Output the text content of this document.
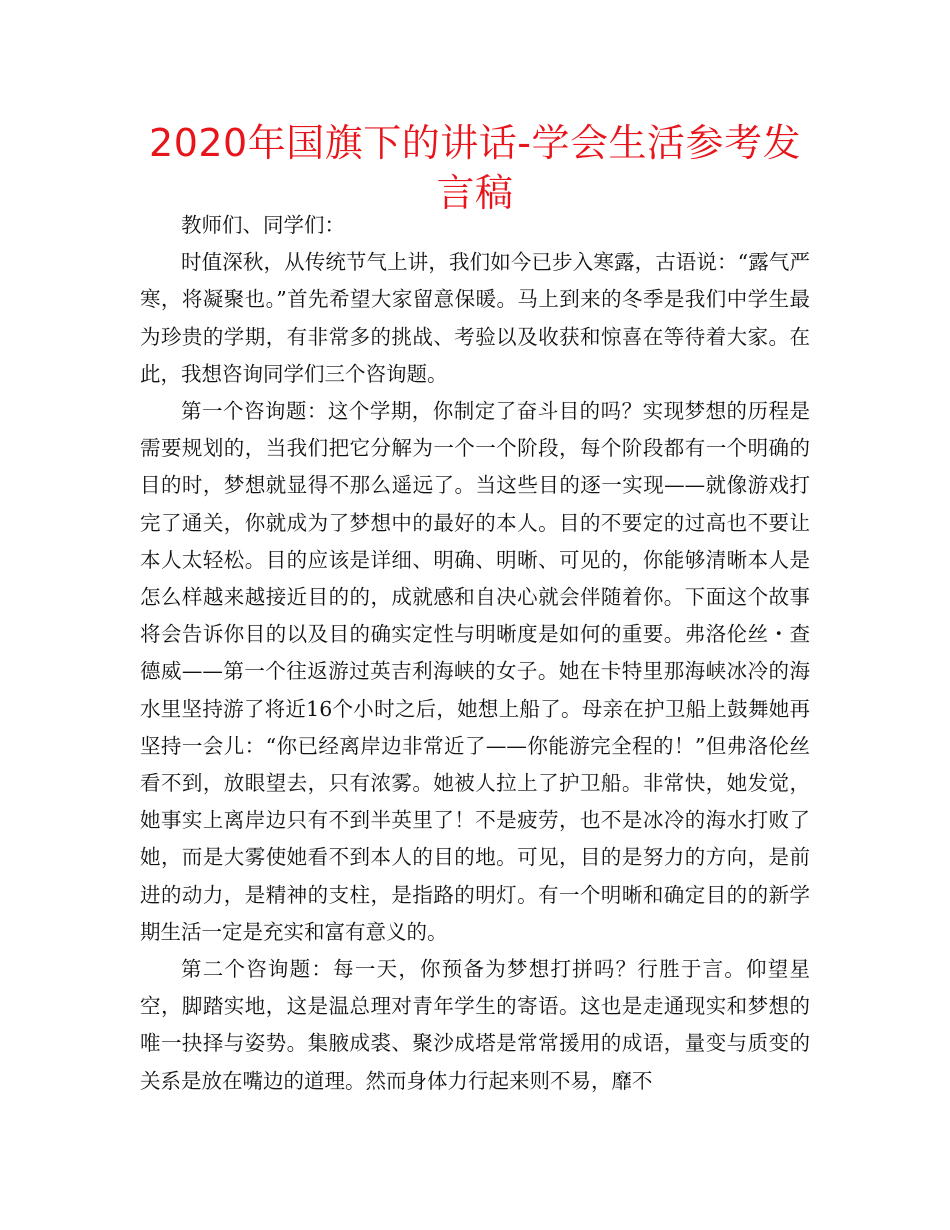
2020年国旗下的讲话-学会生活参考发言稿

教师们、同学们：

时值深秋，从传统节气上讲，我们如今已步入寒露，古语说：“露气严寒，将凝聚也。”首先希望大家留意保暖。马上到来的冬季是我们中学生最为珍贵的学期，有非常多的挑战、考验以及收获和惊喜在等待着大家。在此，我想咨询同学们三个咨询题。

第一个咨询题：这个学期，你制定了奋斗目的吗？实现梦想的历程是需要规划的，当我们把它分解为一个一个阶段，每个阶段都有一个明确的目的时，梦想就显得不那么遥远了。当这些目的逐一实现——就像游戏打完了通关，你就成为了梦想中的最好的本人。目的不要定的过高也不要让本人太轻松。目的应该是详细、明确、明晰、可见的，你能够清晰本人是怎么样越来越接近目的的，成就感和自决心就会伴随着你。下面这个故事将会告诉你目的以及目的确实定性与明晰度是如何的重要。弗洛伦丝・查德威——第一个往返游过英吉利海峡的女子。她在卡特里那海峡冰冷的海水里坚持游了将近16个小时之后，她想上船了。母亲在护卫船上鼓舞她再坚持一会儿：“你已经离岸边非常近了——你能游完全程的！”但弗洛伦丝看不到，放眼望去，只有浓雾。她被人拉上了护卫船。非常快，她发觉，她事实上离岸边只有不到半英里了！不是疲劳，也不是冰冷的海水打败了她，而是大雾使她看不到本人的目的地。可见，目的是努力的方向，是前进的动力，是精神的支柱，是指路的明灯。有一个明晰和确定目的的新学期生活一定是充实和富有意义的。

第二个咨询题：每一天，你预备为梦想打拼吗？行胜于言。仰望星空，脚踏实地，这是温总理对青年学生的寄语。这也是走通现实和梦想的唯一抉择与姿势。集腋成裘、聚沙成塔是常常援用的成语，量变与质变的关系是放在嘴边的道理。然而身体力行起来则不易，靡不
